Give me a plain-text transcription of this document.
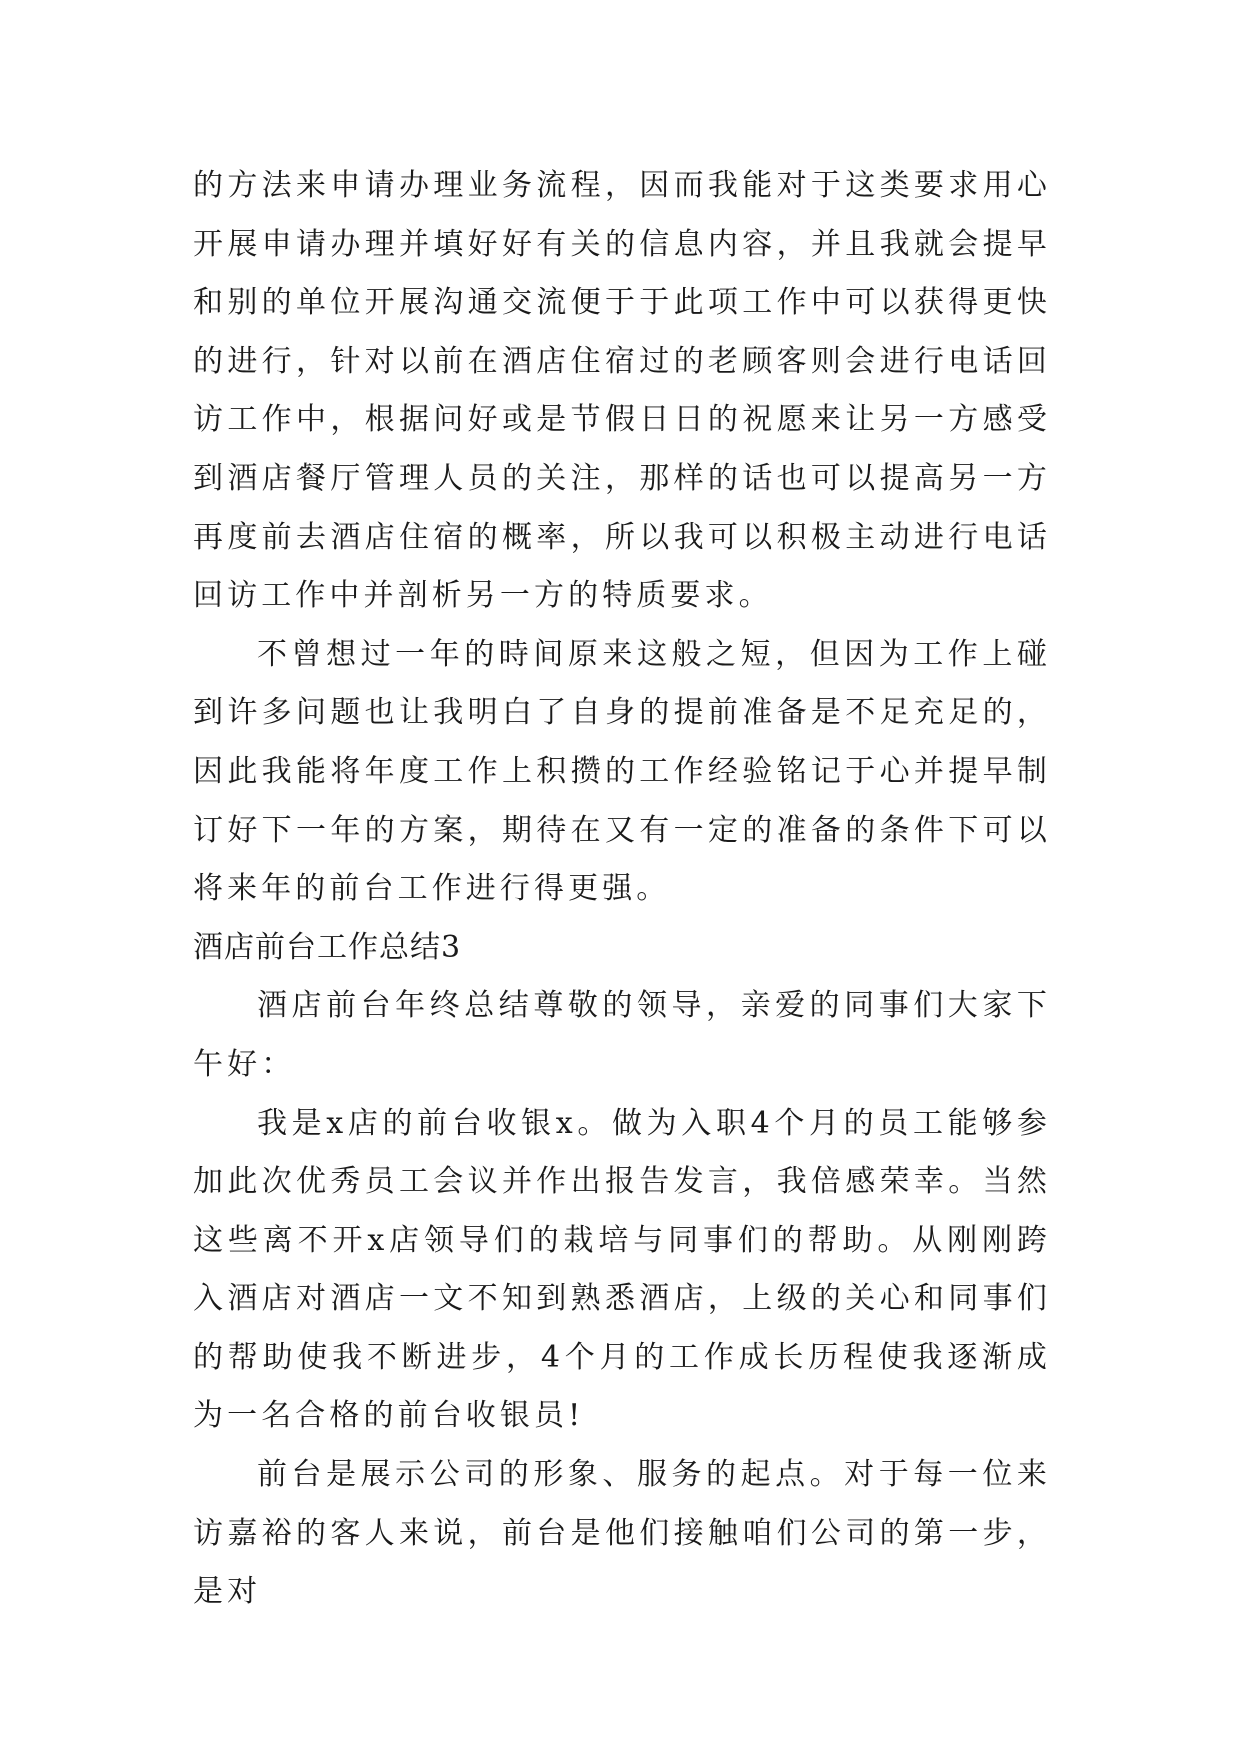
的方法来申请办理业务流程，因而我能对于这类要求用心开展申请办理并填好好有关的信息内容，并且我就会提早和别的单位开展沟通交流便于于此项工作中可以获得更快的进行，针对以前在酒店住宿过的老顾客则会进行电话回访工作中，根据问好或是节假日日的祝愿来让另一方感受到酒店餐厅管理人员的关注，那样的话也可以提高另一方再度前去酒店住宿的概率，所以我可以积极主动进行电话回访工作中并剖析另一方的特质要求。

不曾想过一年的時间原来这般之短，但因为工作上碰到许多问题也让我明白了自身的提前准备是不足充足的，因此我能将年度工作上积攒的工作经验铭记于心并提早制订好下一年的方案，期待在又有一定的准备的条件下可以将来年的前台工作进行得更强。

酒店前台工作总结3

酒店前台年终总结尊敬的领导，亲爱的同事们大家下午好：

我是x店的前台收银x。做为入职4个月的员工能够参加此次优秀员工会议并作出报告发言，我倍感荣幸。当然这些离不开x店领导们的栽培与同事们的帮助。从刚刚跨入酒店对酒店一文不知到熟悉酒店，上级的关心和同事们的帮助使我不断进步，4个月的工作成长历程使我逐渐成为一名合格的前台收银员!

前台是展示公司的形象、服务的起点。对于每一位来访嘉裕的客人来说，前台是他们接触咱们公司的第一步，是对
